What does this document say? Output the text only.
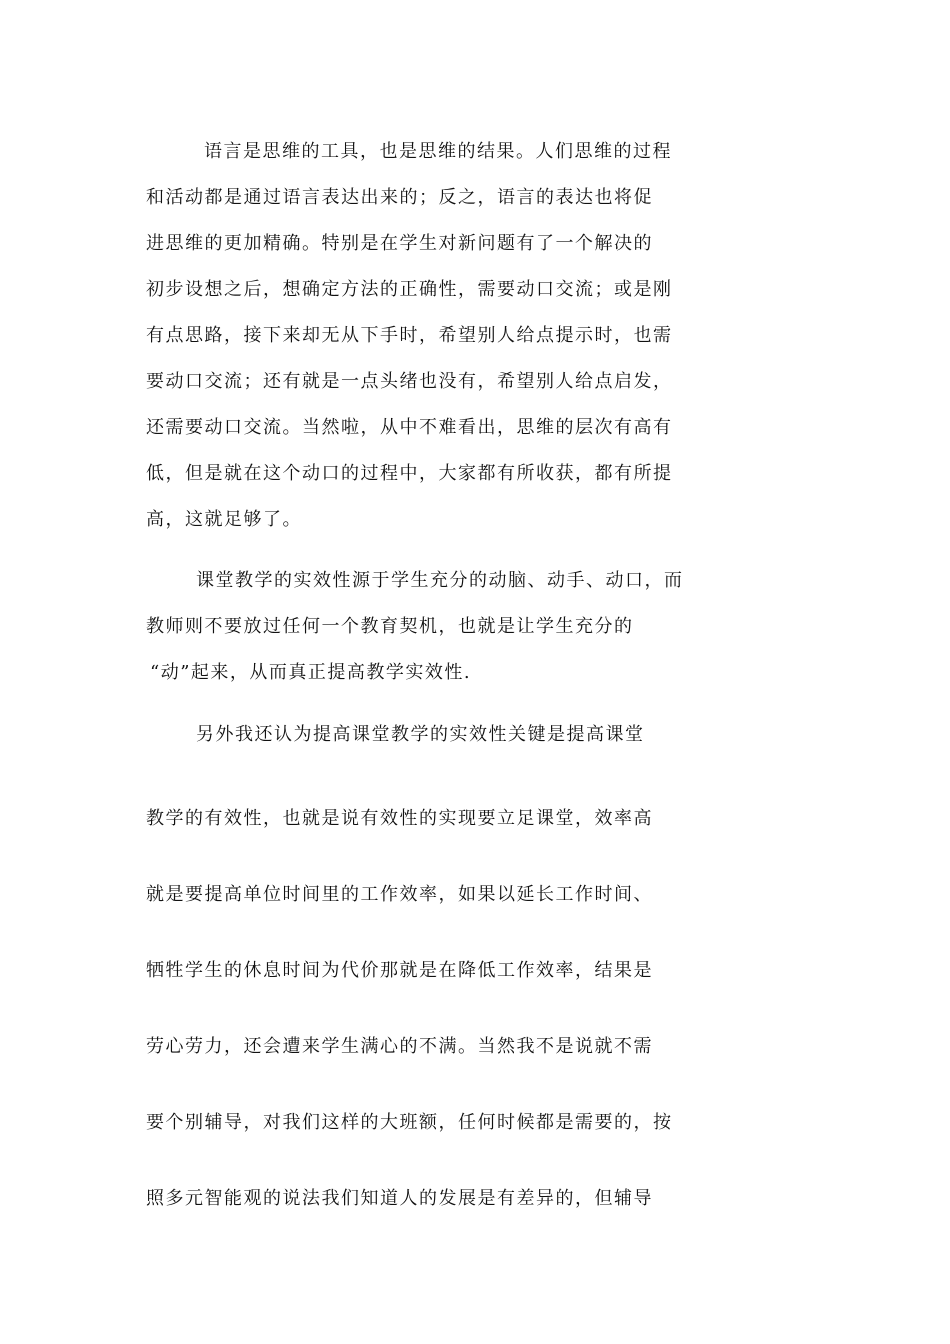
语言是思维的工具，也是思维的结果。人们思维的过程
和活动都是通过语言表达出来的；反之，语言的表达也将促
进思维的更加精确。特别是在学生对新问题有了一个解决的
初步设想之后，想确定方法的正确性，需要动口交流；或是刚
有点思路，接下来却无从下手时，希望别人给点提示时，也需
要动口交流；还有就是一点头绪也没有，希望别人给点启发，
还需要动口交流。当然啦，从中不难看出，思维的层次有高有
低，但是就在这个动口的过程中，大家都有所收获，都有所提
高，这就足够了。
课堂教学的实效性源于学生充分的动脑、动手、动口，而
教师则不要放过任何一个教育契机，也就是让学生充分的
“动”起来，从而真正提高教学实效性.
另外我还认为提高课堂教学的实效性关键是提高课堂
教学的有效性，也就是说有效性的实现要立足课堂，效率高
就是要提高单位时间里的工作效率，如果以延长工作时间、
牺牲学生的休息时间为代价那就是在降低工作效率，结果是
劳心劳力，还会遭来学生满心的不满。当然我不是说就不需
要个别辅导，对我们这样的大班额，任何时候都是需要的，按
照多元智能观的说法我们知道人的发展是有差异的，但辅导
